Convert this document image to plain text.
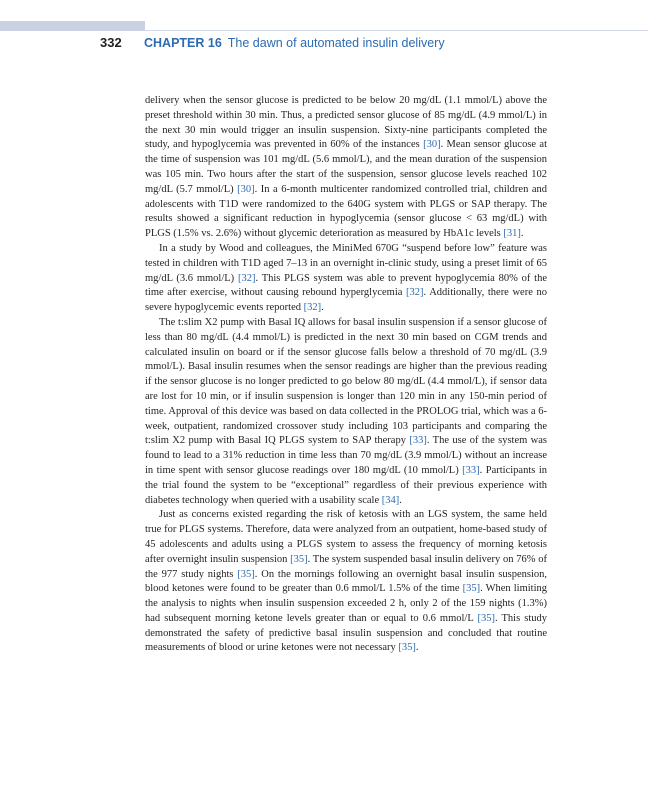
332	CHAPTER 16 The dawn of automated insulin delivery

delivery when the sensor glucose is predicted to be below 20 mg/dL (1.1 mmol/L) above the preset threshold within 30 min. Thus, a predicted sensor glucose of 85 mg/dL (4.9 mmol/L) in the next 30 min would trigger an insulin suspension. Sixty-nine participants completed the study, and hypoglycemia was prevented in 60% of the instances [30]. Mean sensor glucose at the time of suspension was 101 mg/dL (5.6 mmol/L), and the mean duration of the suspension was 105 min. Two hours after the start of the suspension, sensor glucose levels reached 102 mg/dL (5.7 mmol/L) [30]. In a 6-month multicenter randomized controlled trial, children and adolescents with T1D were randomized to the 640G system with PLGS or SAP therapy. The results showed a significant reduction in hypoglycemia (sensor glucose < 63 mg/dL) with PLGS (1.5% vs. 2.6%) without glycemic deterioration as measured by HbA1c levels [31].

In a study by Wood and colleagues, the MiniMed 670G “suspend before low” feature was tested in children with T1D aged 7–13 in an overnight in-clinic study, using a preset limit of 65 mg/dL (3.6 mmol/L) [32]. This PLGS system was able to prevent hypoglycemia 80% of the time after exercise, without causing rebound hyperglycemia [32]. Additionally, there were no severe hypoglycemic events reported [32].

The t:slim X2 pump with Basal IQ allows for basal insulin suspension if a sensor glucose of less than 80 mg/dL (4.4 mmol/L) is predicted in the next 30 min based on CGM trends and calculated insulin on board or if the sensor glucose falls below a threshold of 70 mg/dL (3.9 mmol/L). Basal insulin resumes when the sensor readings are higher than the previous reading if the sensor glucose is no longer predicted to go below 80 mg/dL (4.4 mmol/L), if sensor data are lost for 10 min, or if insulin suspension is longer than 120 min in any 150-min period of time. Approval of this device was based on data collected in the PROLOG trial, which was a 6-week, outpatient, randomized crossover study including 103 participants and comparing the t:slim X2 pump with Basal IQ PLGS system to SAP therapy [33]. The use of the system was found to lead to a 31% reduction in time less than 70 mg/dL (3.9 mmol/L) without an increase in time spent with sensor glucose readings over 180 mg/dL (10 mmol/L) [33]. Participants in the trial found the system to be “exceptional” regardless of their previous experience with diabetes technology when queried with a usability scale [34].

Just as concerns existed regarding the risk of ketosis with an LGS system, the same held true for PLGS systems. Therefore, data were analyzed from an outpatient, home-based study of 45 adolescents and adults using a PLGS system to assess the frequency of morning ketosis after overnight insulin suspension [35]. The system suspended basal insulin delivery on 76% of the 977 study nights [35]. On the mornings following an overnight basal insulin suspension, blood ketones were found to be greater than 0.6 mmol/L 1.5% of the time [35]. When limiting the analysis to nights when insulin suspension exceeded 2 h, only 2 of the 159 nights (1.3%) had subsequent morning ketone levels greater than or equal to 0.6 mmol/L [35]. This study demonstrated the safety of predictive basal insulin suspension and concluded that routine measurements of blood or urine ketones were not necessary [35].
